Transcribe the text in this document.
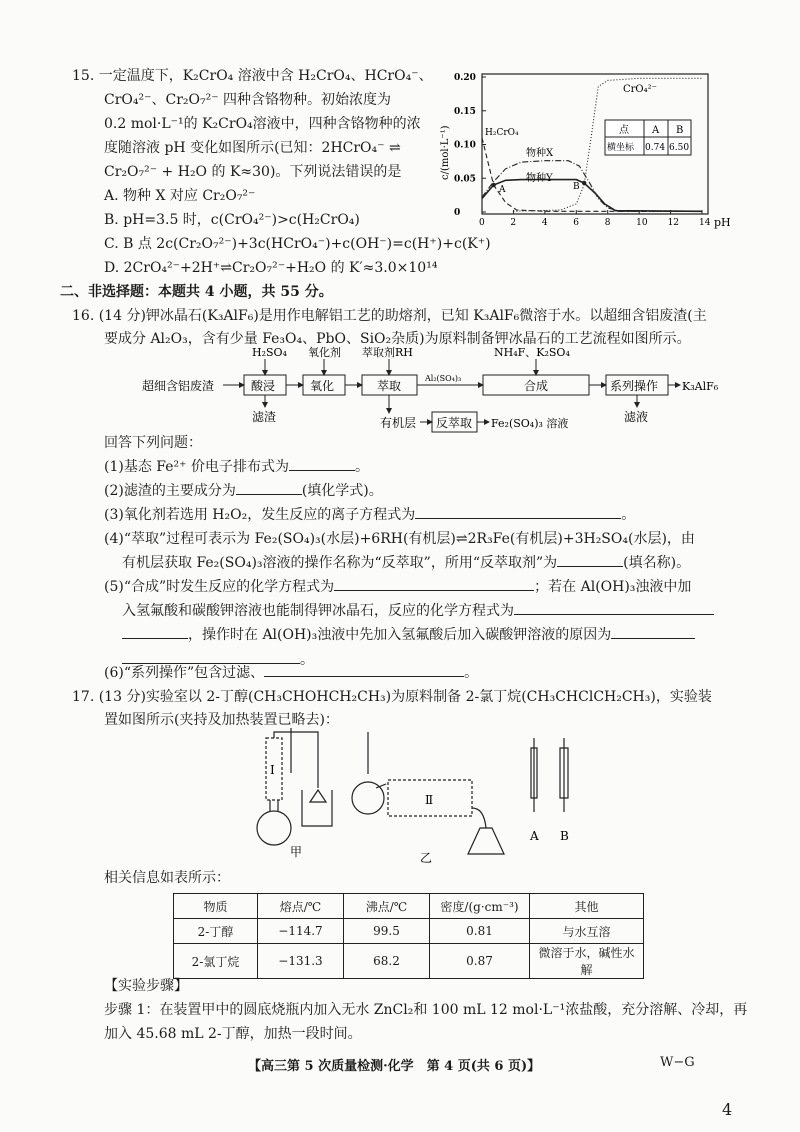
15. 一定温度下，K₂CrO₄ 溶液中含 H₂CrO₄、HCrO₄⁻、
CrO₄²⁻、Cr₂O₇²⁻ 四种含铬物种。初始浓度为
0.2 mol·L⁻¹的 K₂CrO₄溶液中，四种含铬物种的浓
度随溶液 pH 变化如图所示(已知：2HCrO₄⁻ ⇌
Cr₂O₇²⁻ + H₂O 的 K≈30)。下列说法错误的是
A. 物种 X 对应 Cr₂O₇²⁻
B. pH=3.5 时，c(CrO₄²⁻)>c(H₂CrO₄)
C. B 点 2c(Cr₂O₇²⁻)+3c(HCrO₄⁻)+c(OH⁻)=c(H⁺)+c(K⁺)
D. 2CrO₄²⁻+2H⁺⇌Cr₂O₇²⁻+H₂O 的 K′≈3.0×10¹⁴
0	2	4	6	8	10 12 14
0
0.05
0.10
0.15
0.20
c/(mol·L⁻¹)
pH
H₂CrO₄
物种X
物种Y
CrO₄²⁻
A	B
点 A B
横坐标 0.74 6.50
二、非选择题：本题共 4 小题，共 55 分。
16. (14 分)钾冰晶石(K₃AlF₆)是用作电解铝工艺的助熔剂，已知 K₃AlF₆微溶于水。以超细含铝废渣(主
要成分 Al₂O₃，含有少量 Fe₃O₄、PbO、SiO₂杂质)为原料制备钾冰晶石的工艺流程如图所示。
超细含铝废渣	酸浸	氧化	萃取	合成	系列操作
反萃取
H₂SO₄ 氧化剂 萃取剂RH	NH₄F、K₂SO₄
Al₂(SO₄)₃
K₃AlF₆
滤渣	有机层	Fe₂(SO₄)₃ 溶液	滤液
回答下列问题：
(1)基态 Fe²⁺ 价电子排布式为	。
(2)滤渣的主要成分为	(填化学式)。
(3)氧化剂若选用 H₂O₂，发生反应的离子方程式为	。
(4)“萃取”过程可表示为 Fe₂(SO₄)₃(水层)+6RH(有机层)⇌2R₃Fe(有机层)+3H₂SO₄(水层)，由
有机层获取 Fe₂(SO₄)₃溶液的操作名称为“反萃取”，所用“反萃取剂”为	(填名称)。
(5)“合成”时发生反应的化学方程式为	；若在 Al(OH)₃浊液中加
入氢氟酸和碳酸钾溶液也能制得钾冰晶石，反应的化学方程式为
，操作时在 Al(OH)₃浊液中先加入氢氟酸后加入碳酸钾溶液的原因为
。
(6)“系列操作”包含过滤、	。
17. (13 分)实验室以 2-丁醇(CH₃CHOHCH₂CH₃)为原料制备 2-氯丁烷(CH₃CHClCH₂CH₃)，实验装
置如图所示(夹持及加热装置已略去)：
Ⅰ
Ⅱ
甲	乙
A B
相关信息如表所示：
物质	熔点/℃	沸点/℃	密度/(g·cm⁻³)	其他
2-丁醇	−114.7	99.5	0.81	与水互溶
2-氯丁烷	−131.3	68.2	0.87	微溶于水，碱性水解
【实验步骤】
步骤 1：在装置甲中的圆底烧瓶内加入无水 ZnCl₂和 100 mL 12 mol·L⁻¹浓盐酸，充分溶解、冷却，再
加入 45.68 mL 2-丁醇，加热一段时间。
【高三第 5 次质量检测·化学　第 4 页(共 6 页)】	W−G
4
